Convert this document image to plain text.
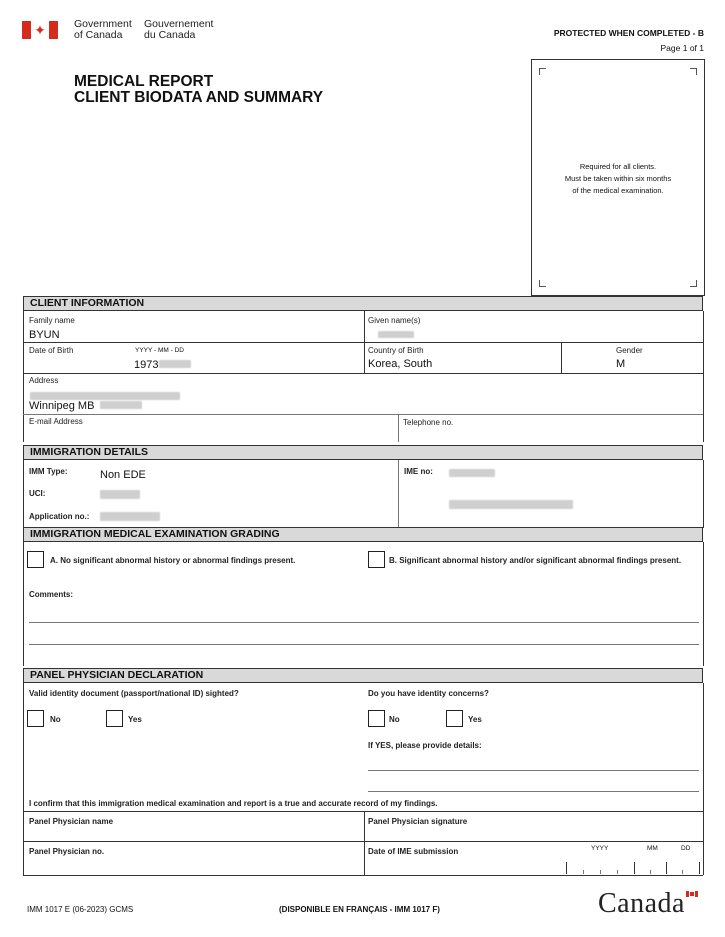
✦	Government
of Canada
Gouvernement
du Canada	PROTECTED WHEN COMPLETED - B
Page 1 of 1
MEDICAL REPORT
CLIENT BIODATA AND SUMMARY
Required for all clients.
Must be taken within six months
of the medical examination.
CLIENT INFORMATION
Family name
BYUN
Given name(s)
Date of Birth	YYYY - MM - DD
1973
Country of Birth
Korea, South
Gender
M
Address
Winnipeg MB
E-mail Address	Telephone no.
IMMIGRATION DETAILS
IMM Type:	Non EDE	IME no:
UCI:
Application no.:
IMMIGRATION MEDICAL EXAMINATION GRADING
A. No significant abnormal history or abnormal findings present.	B. Significant abnormal history and/or significant abnormal findings present.
Comments:
PANEL PHYSICIAN DECLARATION
Valid identity document (passport/national ID) sighted?	Do you have identity concerns?
No	Yes	No	Yes
If YES, please provide details:
I confirm that this immigration medical examination and report is a true and accurate record of my findings.
Panel Physician name	Panel Physician signature
Panel Physician no.	Date of IME submission	YYYY	MM	DD
IMM 1017 E (06-2023) GCMS	(DISPONIBLE EN FRANÇAIS - IMM 1017 F)	Canada
